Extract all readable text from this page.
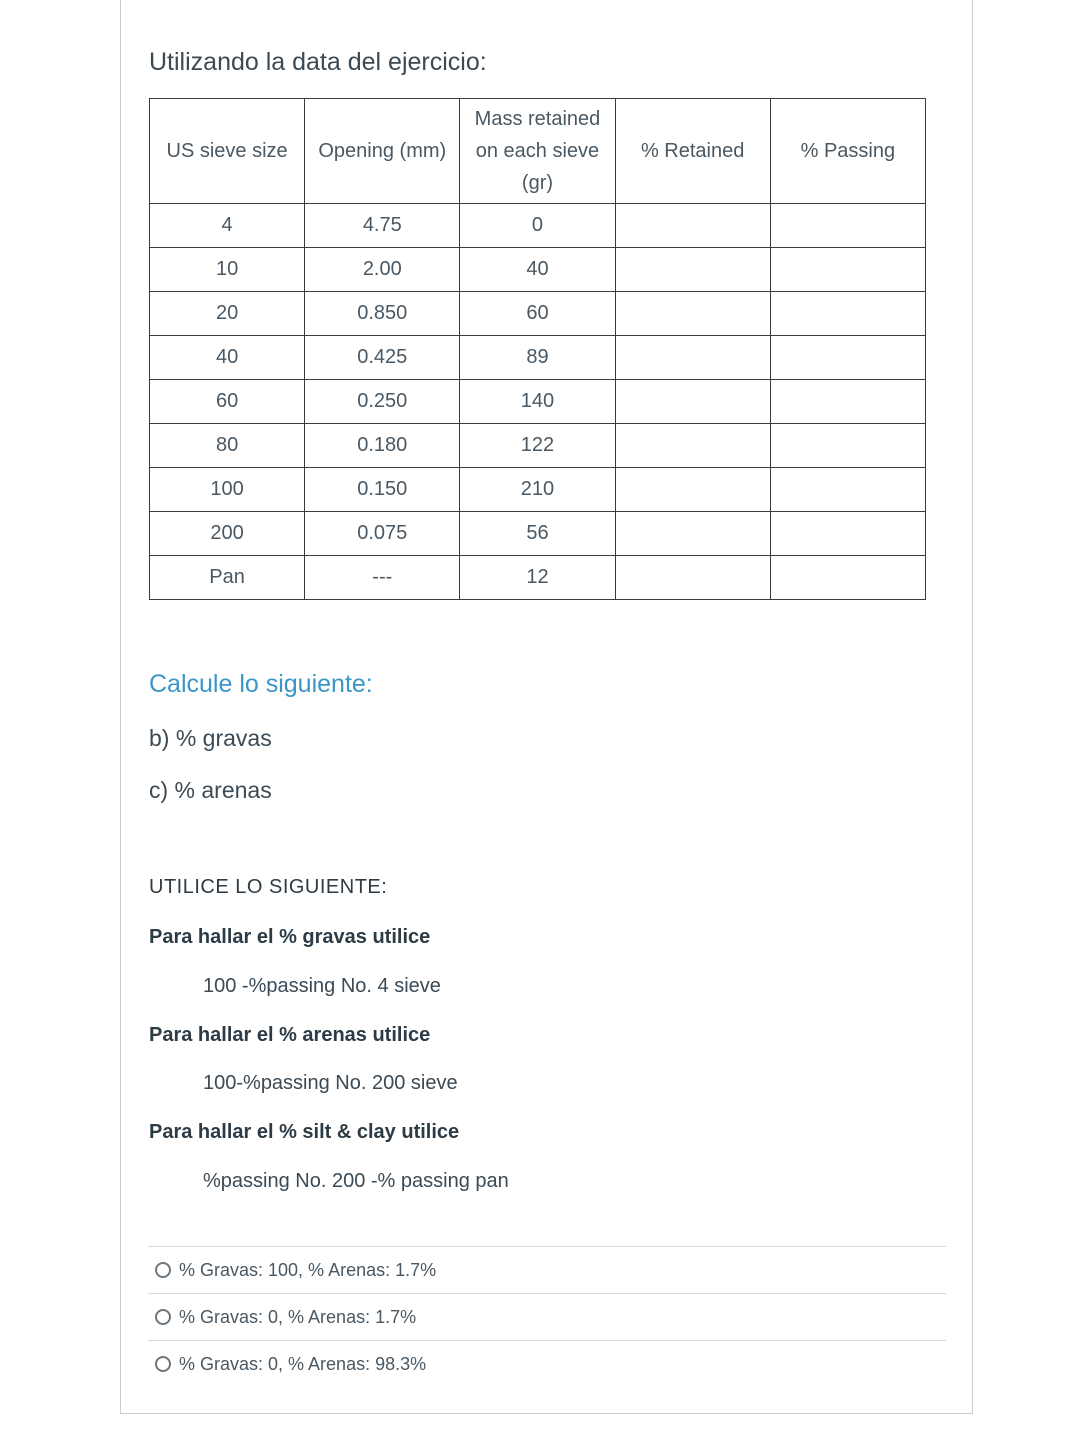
Utilizando la data del ejercicio:

US sieve size	Opening (mm)	Mass retained on each sieve (gr)	% Retained	% Passing
4	4.75	0		
10	2.00	40		
20	0.850	60		
40	0.425	89		
60	0.250	140		
80	0.180	122		
100	0.150	210		
200	0.075	56		
Pan	---	12		

Calcule lo siguiente:

b) % gravas

c) % arenas

UTILICE LO SIGUIENTE:

Para hallar el % gravas utilice

100 -%passing No. 4 sieve

Para hallar el % arenas utilice

100-%passing No. 200 sieve

Para hallar el % silt & clay utilice

%passing No. 200 -% passing pan

% Gravas: 100, % Arenas: 1.7%
% Gravas: 0, % Arenas: 1.7%
% Gravas: 0, % Arenas: 98.3%
